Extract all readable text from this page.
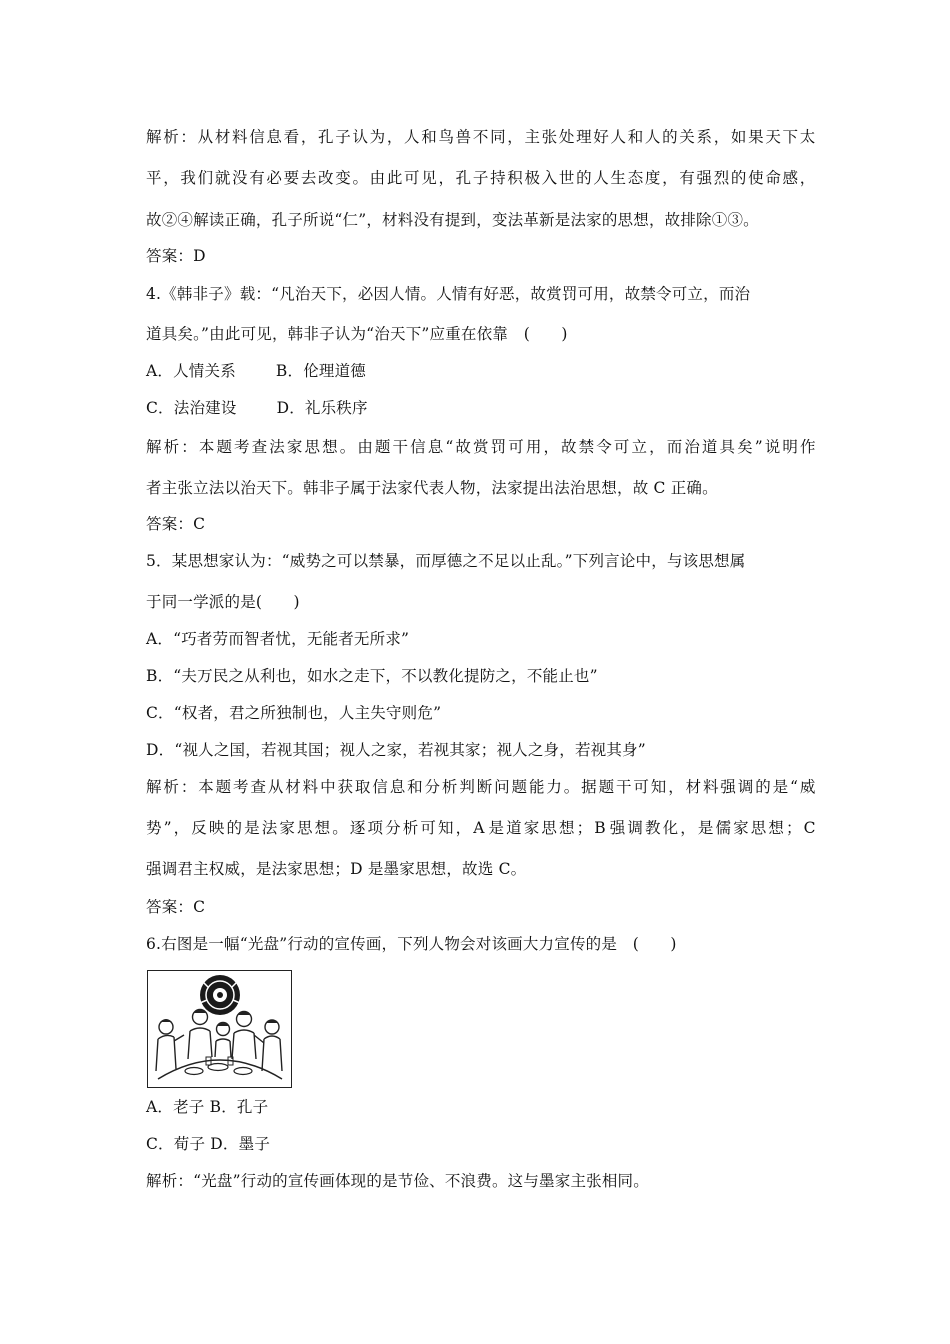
解 析 ： 从 材 料 信 息 看 ， 孔 子 认 为 ， 人 和 鸟 兽 不 同 ， 主 张 处 理 好 人 和 人 的 关 系 ， 如 果 天 下 太
平 ， 我 们 就 没 有 必 要 去 改 变 。 由 此 可 见 ， 孔 子 持 积 极 入 世 的 人 生 态 度 ， 有 强 烈 的 使 命 感 ，
故②④解读正确，孔子所说“仁”，材料没有提到，变法革新是法家的思想，故排除①③。
答案：D
4.《韩非子》载：“凡治天下，必因人情。人情有好恶，故赏罚可用，故禁令可立，而治
道具矣。”由此可见，韩非子认为“治天下”应重在依靠　(　　)
A．人情关系	B．伦理道德
C．法治建设	D．礼乐秩序
解 析 ： 本 题 考 查 法 家 思 想 。 由 题 干 信 息 “ 故 赏 罚 可 用 ， 故 禁 令 可 立 ， 而 治 道 具 矣 ” 说 明 作
者主张立法以治天下。韩非子属于法家代表人物，法家提出法治思想，故 C 正确。
答案：C
5．某思想家认为：“威势之可以禁暴，而厚德之不足以止乱。”下列言论中，与该思想属
于同一学派的是(　　)
A．“巧者劳而智者忧，无能者无所求”
B．“夫万民之从利也，如水之走下，不以教化提防之，不能止也”
C．“权者，君之所独制也，人主失守则危”
D．“视人之国，若视其国；视人之家，若视其家；视人之身，若视其身”
解 析 ： 本 题 考 查 从 材 料 中 获 取 信 息 和 分 析 判 断 问 题 能 力 。 据 题 干 可 知 ， 材 料 强 调 的 是 “ 威
势 ” ， 反 映 的 是 法 家 思 想 。 逐 项 分 析 可 知 ， A 是 道 家 思 想 ； B 强 调 教 化 ， 是 儒 家 思 想 ； C
强调君主权威，是法家思想；D 是墨家思想，故选 C。
答案：C
6.右图是一幅“光盘”行动的宣传画，下列人物会对该画大力宣传的是　(　　)
A．老子 B．孔子
C．荀子 D．墨子
解析：“光盘”行动的宣传画体现的是节俭、不浪费。这与墨家主张相同。
